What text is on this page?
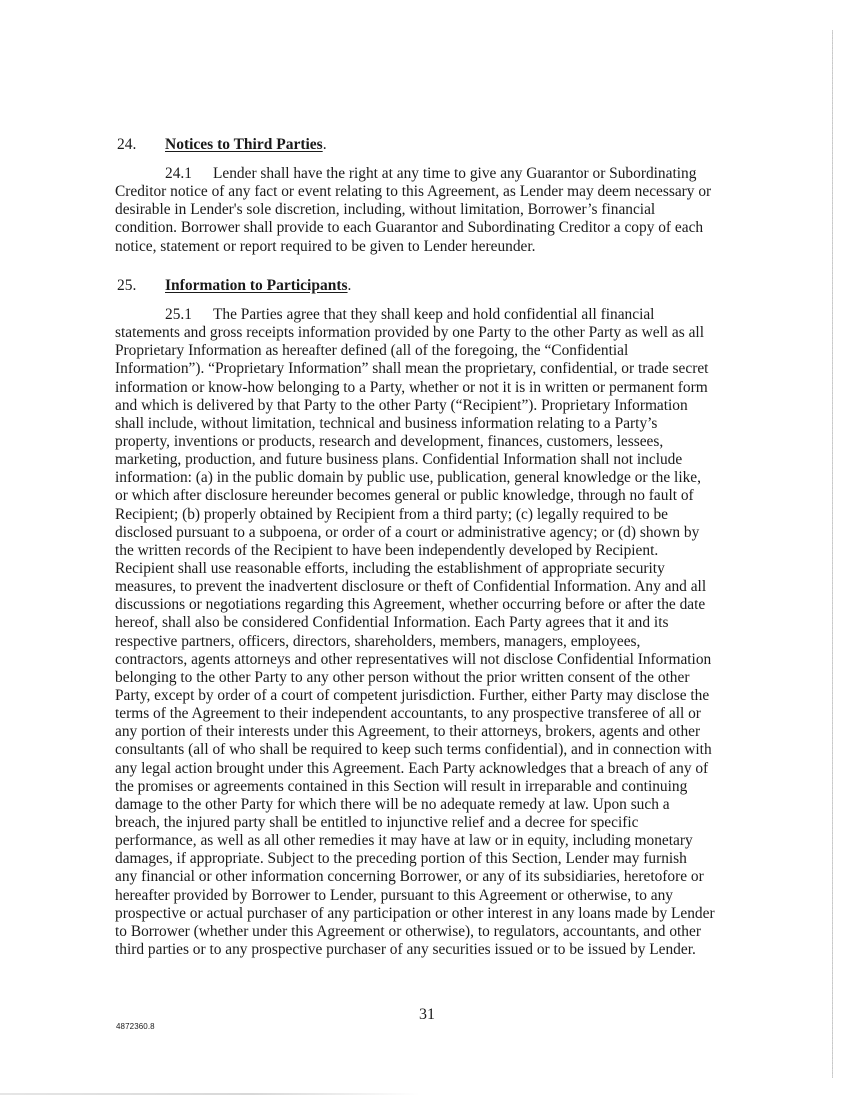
24. Notices to Third Parties.
24.1 Lender shall have the right at any time to give any Guarantor or Subordinating
Creditor notice of any fact or event relating to this Agreement, as Lender may deem necessary or
desirable in Lender's sole discretion, including, without limitation, Borrower’s financial
condition. Borrower shall provide to each Guarantor and Subordinating Creditor a copy of each
notice, statement or report required to be given to Lender hereunder.
25. Information to Participants.
25.1 The Parties agree that they shall keep and hold confidential all financial
statements and gross receipts information provided by one Party to the other Party as well as all
Proprietary Information as hereafter defined (all of the foregoing, the “Confidential
Information”). “Proprietary Information” shall mean the proprietary, confidential, or trade secret
information or know-how belonging to a Party, whether or not it is in written or permanent form
and which is delivered by that Party to the other Party (“Recipient”). Proprietary Information
shall include, without limitation, technical and business information relating to a Party’s
property, inventions or products, research and development, finances, customers, lessees,
marketing, production, and future business plans. Confidential Information shall not include
information: (a) in the public domain by public use, publication, general knowledge or the like,
or which after disclosure hereunder becomes general or public knowledge, through no fault of
Recipient; (b) properly obtained by Recipient from a third party; (c) legally required to be
disclosed pursuant to a subpoena, or order of a court or administrative agency; or (d) shown by
the written records of the Recipient to have been independently developed by Recipient.
Recipient shall use reasonable efforts, including the establishment of appropriate security
measures, to prevent the inadvertent disclosure or theft of Confidential Information. Any and all
discussions or negotiations regarding this Agreement, whether occurring before or after the date
hereof, shall also be considered Confidential Information. Each Party agrees that it and its
respective partners, officers, directors, shareholders, members, managers, employees,
contractors, agents attorneys and other representatives will not disclose Confidential Information
belonging to the other Party to any other person without the prior written consent of the other
Party, except by order of a court of competent jurisdiction. Further, either Party may disclose the
terms of the Agreement to their independent accountants, to any prospective transferee of all or
any portion of their interests under this Agreement, to their attorneys, brokers, agents and other
consultants (all of who shall be required to keep such terms confidential), and in connection with
any legal action brought under this Agreement. Each Party acknowledges that a breach of any of
the promises or agreements contained in this Section will result in irreparable and continuing
damage to the other Party for which there will be no adequate remedy at law. Upon such a
breach, the injured party shall be entitled to injunctive relief and a decree for specific
performance, as well as all other remedies it may have at law or in equity, including monetary
damages, if appropriate. Subject to the preceding portion of this Section, Lender may furnish
any financial or other information concerning Borrower, or any of its subsidiaries, heretofore or
hereafter provided by Borrower to Lender, pursuant to this Agreement or otherwise, to any
prospective or actual purchaser of any participation or other interest in any loans made by Lender
to Borrower (whether under this Agreement or otherwise), to regulators, accountants, and other
third parties or to any prospective purchaser of any securities issued or to be issued by Lender.
31
4872360.8
